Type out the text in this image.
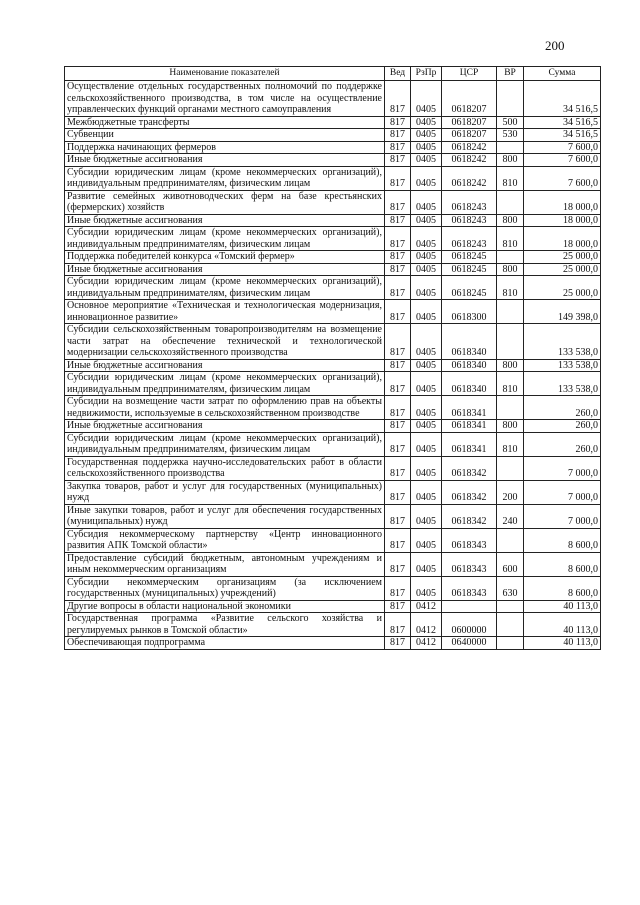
200
Наименование показателей	Вед	РзПр	ЦСР	ВР	Сумма
Осуществление отдельных государственных полномочий по поддержке сельскохозяйственного производства, в том числе на осуществление управленческих функций органами местного самоуправления	817	0405	0618207		34 516,5
Межбюджетные трансферты	817	0405	0618207	500	34 516,5
Субвенции	817	0405	0618207	530	34 516,5
Поддержка начинающих фермеров	817	0405	0618242		7 600,0
Иные бюджетные ассигнования	817	0405	0618242	800	7 600,0
Субсидии юридическим лицам (кроме некоммерческих организаций), индивидуальным предпринимателям, физическим лицам	817	0405	0618242	810	7 600,0
Развитие семейных животноводческих ферм на базе крестьянских (фермерских) хозяйств	817	0405	0618243		18 000,0
Иные бюджетные ассигнования	817	0405	0618243	800	18 000,0
Субсидии юридическим лицам (кроме некоммерческих организаций), индивидуальным предпринимателям, физическим лицам	817	0405	0618243	810	18 000,0
Поддержка победителей конкурса «Томский фермер»	817	0405	0618245		25 000,0
Иные бюджетные ассигнования	817	0405	0618245	800	25 000,0
Субсидии юридическим лицам (кроме некоммерческих организаций), индивидуальным предпринимателям, физическим лицам	817	0405	0618245	810	25 000,0
Основное мероприятие «Техническая и технологическая модернизация, инновационное развитие»	817	0405	0618300		149 398,0
Субсидии сельскохозяйственным товаропроизводителям на возмещение части затрат на обеспечение технической и технологической модернизации сельскохозяйственного производства	817	0405	0618340		133 538,0
Иные бюджетные ассигнования	817	0405	0618340	800	133 538,0
Субсидии юридическим лицам (кроме некоммерческих организаций), индивидуальным предпринимателям, физическим лицам	817	0405	0618340	810	133 538,0
Субсидии на возмещение части затрат по оформлению прав на объекты недвижимости, используемые в сельскохозяйственном производстве	817	0405	0618341		260,0
Иные бюджетные ассигнования	817	0405	0618341	800	260,0
Субсидии юридическим лицам (кроме некоммерческих организаций), индивидуальным предпринимателям, физическим лицам	817	0405	0618341	810	260,0
Государственная поддержка научно-исследовательских работ в области сельскохозяйственного производства	817	0405	0618342		7 000,0
Закупка товаров, работ и услуг для государственных (муниципальных) нужд	817	0405	0618342	200	7 000,0
Иные закупки товаров, работ и услуг для обеспечения государственных (муниципальных) нужд	817	0405	0618342	240	7 000,0
Субсидия некоммерческому партнерству «Центр инновационного развития АПК Томской области»	817	0405	0618343		8 600,0
Предоставление субсидий бюджетным, автономным учреждениям и иным некоммерческим организациям	817	0405	0618343	600	8 600,0
Субсидии некоммерческим организациям (за исключением государственных (муниципальных) учреждений)	817	0405	0618343	630	8 600,0
Другие вопросы в области национальной экономики	817	0412			40 113,0
Государственная программа «Развитие сельского хозяйства и регулируемых рынков в Томской области»	817	0412	0600000		40 113,0
Обеспечивающая подпрограмма	817	0412	0640000		40 113,0
